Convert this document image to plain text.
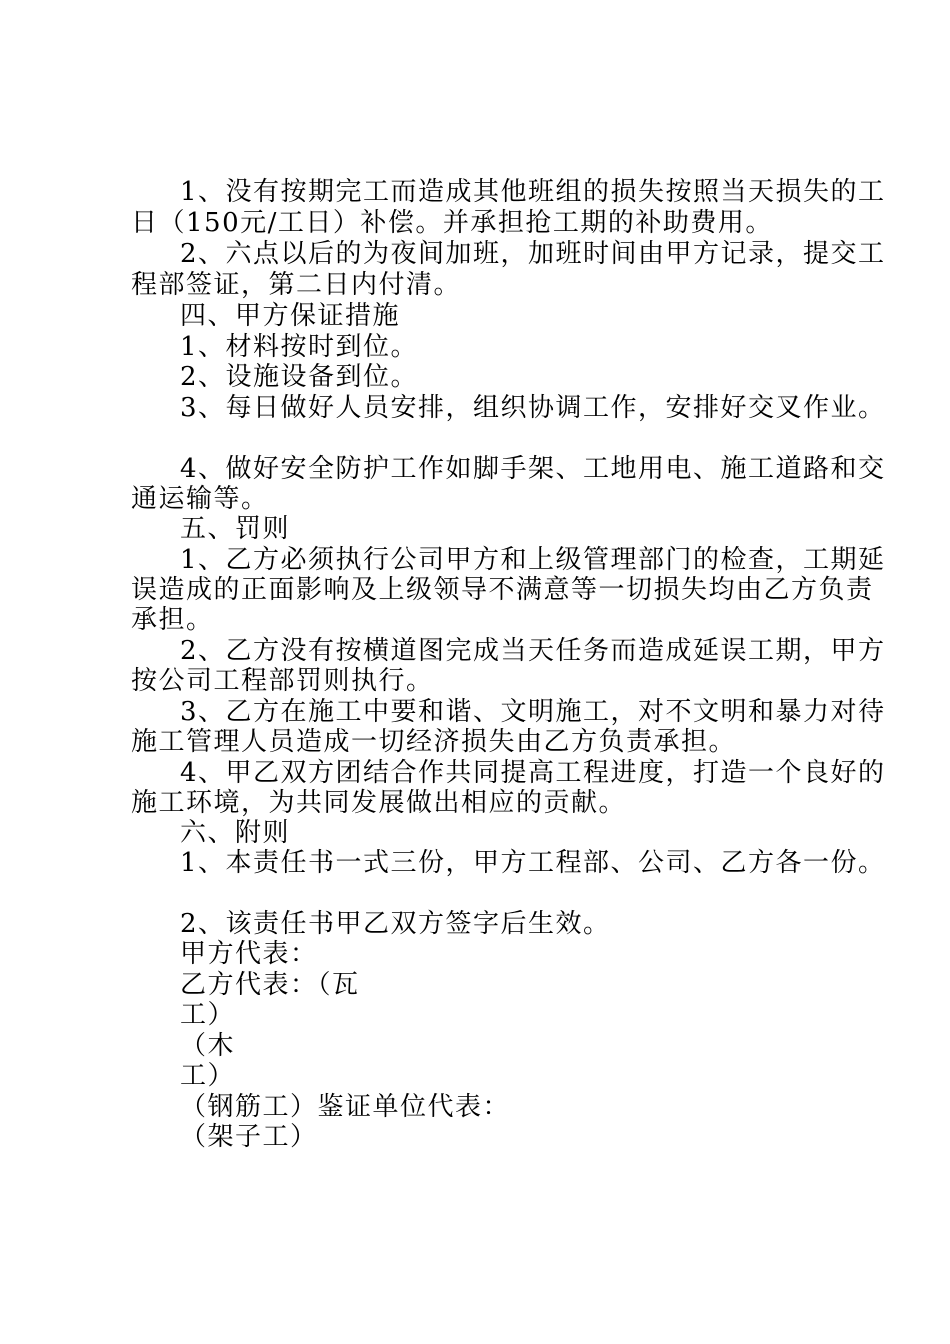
1、没有按期完工而造成其他班组的损失按照当天损失的工
日（150元/工日）补偿。并承担抢工期的补助费用。
2、六点以后的为夜间加班，加班时间由甲方记录，提交工
程部签证，第二日内付清。
四、甲方保证措施
1、材料按时到位。
2、设施设备到位。
3、每日做好人员安排，组织协调工作，安排好交叉作业。
4、做好安全防护工作如脚手架、工地用电、施工道路和交
通运输等。
五、罚则
1、乙方必须执行公司甲方和上级管理部门的检查，工期延
误造成的正面影响及上级领导不满意等一切损失均由乙方负责
承担。
2、乙方没有按横道图完成当天任务而造成延误工期，甲方
按公司工程部罚则执行。
3、乙方在施工中要和谐、文明施工，对不文明和暴力对待
施工管理人员造成一切经济损失由乙方负责承担。
4、甲乙双方团结合作共同提高工程进度，打造一个良好的
施工环境，为共同发展做出相应的贡献。
六、附则
1、本责任书一式三份，甲方工程部、公司、乙方各一份。
2、该责任书甲乙双方签字后生效。
甲方代表：
乙方代表：（瓦
工）
（木
工）
（钢筋工）鉴证单位代表：
（架子工）
